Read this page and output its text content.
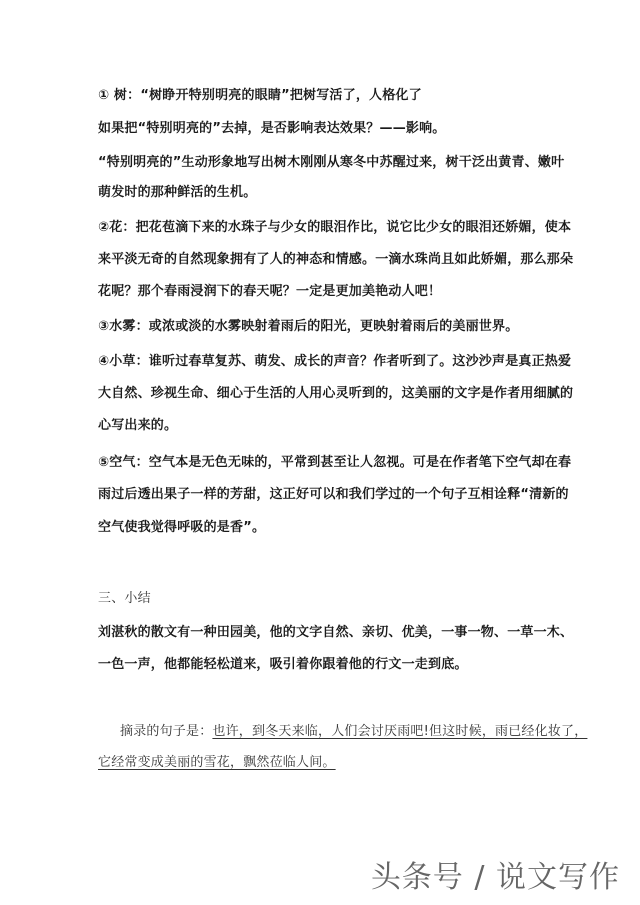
① 树：“树睁开特别明亮的眼睛”把树写活了，人格化了
如果把“特别明亮的”去掉，是否影响表达效果？——影响。
“特别明亮的”生动形象地写出树木刚刚从寒冬中苏醒过来，树干泛出黄青、嫩叶
萌发时的那种鲜活的生机。
②花：把花苞滴下来的水珠子与少女的眼泪作比，说它比少女的眼泪还娇媚，使本
来平淡无奇的自然现象拥有了人的神态和情感。一滴水珠尚且如此娇媚，那么那朵
花呢？那个春雨浸润下的春天呢？一定是更加美艳动人吧！
③水雾：或浓或淡的水雾映射着雨后的阳光，更映射着雨后的美丽世界。
④小草：谁听过春草复苏、萌发、成长的声音？作者听到了。这沙沙声是真正热爱
大自然、珍视生命、细心于生活的人用心灵听到的，这美丽的文字是作者用细腻的
心写出来的。
⑤空气：空气本是无色无味的，平常到甚至让人忽视。可是在作者笔下空气却在春
雨过后透出果子一样的芳甜，这正好可以和我们学过的一个句子互相诠释“清新的
空气使我觉得呼吸的是香”。
三、小结
刘湛秋的散文有一种田园美，他的文字自然、亲切、优美，一事一物、一草一木、
一色一声，他都能轻松道来，吸引着你跟着他的行文一走到底。
摘录的句子是：也许，到冬天来临，人们会讨厌雨吧!但这时候，雨已经化妆了，
它经常变成美丽的雪花，飘然莅临人间。
头条号 / 说文写作
